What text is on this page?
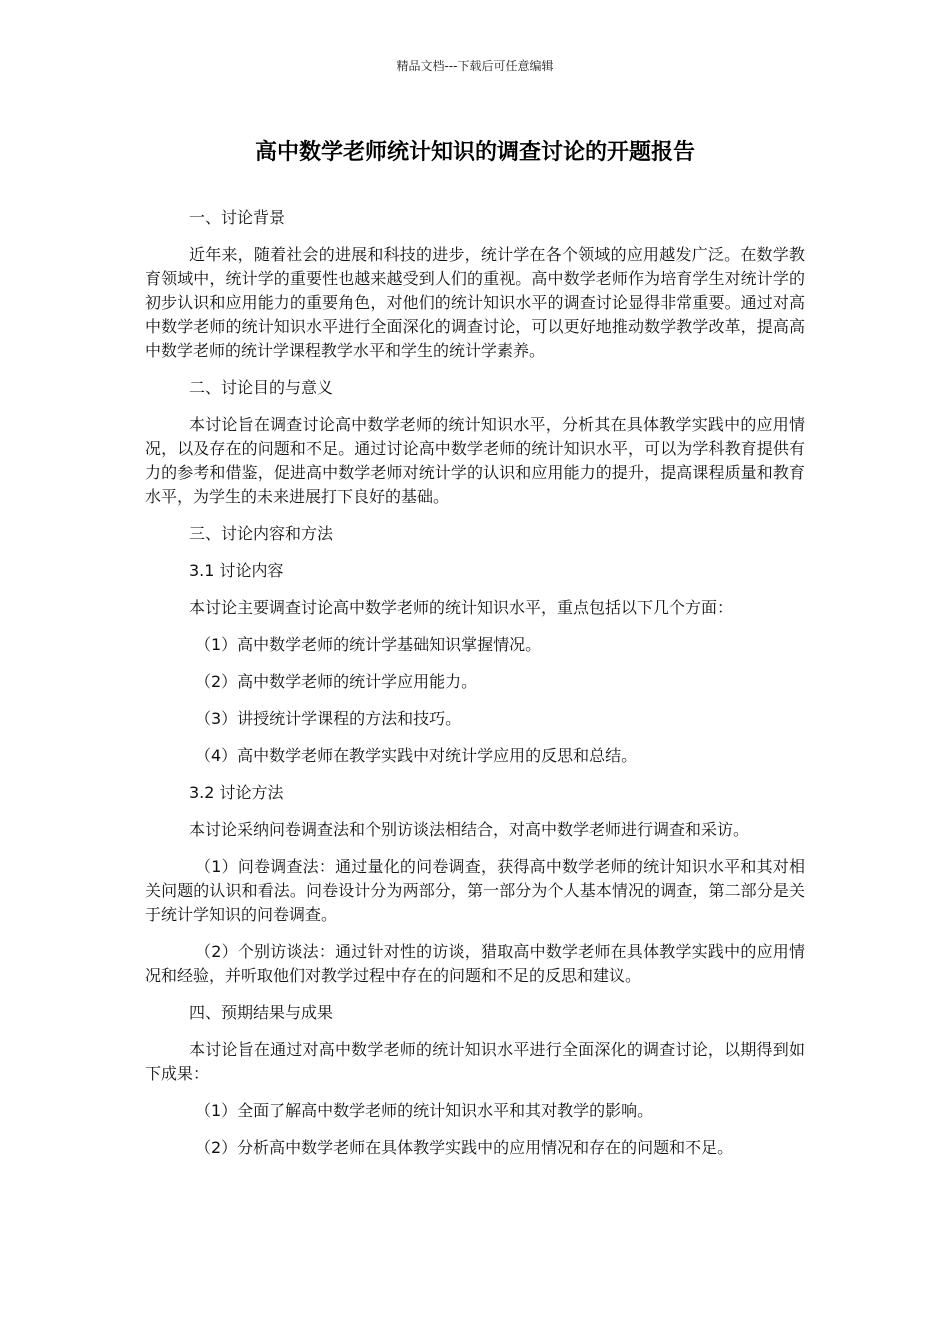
精品文档---下载后可任意编辑
高中数学老师统计知识的调查讨论的开题报告

一、讨论背景

近年来，随着社会的进展和科技的进步，统计学在各个领域的应用越发广泛。在数学教育领域中，统计学的重要性也越来越受到人们的重视。高中数学老师作为培育学生对统计学的初步认识和应用能力的重要角色，对他们的统计知识水平的调查讨论显得非常重要。通过对高中数学老师的统计知识水平进行全面深化的调查讨论，可以更好地推动数学教学改革，提高高中数学老师的统计学课程教学水平和学生的统计学素养。

二、讨论目的与意义

本讨论旨在调查讨论高中数学老师的统计知识水平，分析其在具体教学实践中的应用情况，以及存在的问题和不足。通过讨论高中数学老师的统计知识水平，可以为学科教育提供有力的参考和借鉴，促进高中数学老师对统计学的认识和应用能力的提升，提高课程质量和教育水平，为学生的未来进展打下良好的基础。

三、讨论内容和方法

3.1 讨论内容

本讨论主要调查讨论高中数学老师的统计知识水平，重点包括以下几个方面：

（1）高中数学老师的统计学基础知识掌握情况。

（2）高中数学老师的统计学应用能力。

（3）讲授统计学课程的方法和技巧。

（4）高中数学老师在教学实践中对统计学应用的反思和总结。

3.2 讨论方法

本讨论采纳问卷调查法和个别访谈法相结合，对高中数学老师进行调查和采访。

（1）问卷调查法：通过量化的问卷调查，获得高中数学老师的统计知识水平和其对相关问题的认识和看法。问卷设计分为两部分，第一部分为个人基本情况的调查，第二部分是关于统计学知识的问卷调查。

（2）个别访谈法：通过针对性的访谈，猎取高中数学老师在具体教学实践中的应用情况和经验，并听取他们对教学过程中存在的问题和不足的反思和建议。

四、预期结果与成果

本讨论旨在通过对高中数学老师的统计知识水平进行全面深化的调查讨论，以期得到如下成果：

（1）全面了解高中数学老师的统计知识水平和其对教学的影响。

（2）分析高中数学老师在具体教学实践中的应用情况和存在的问题和不足。
